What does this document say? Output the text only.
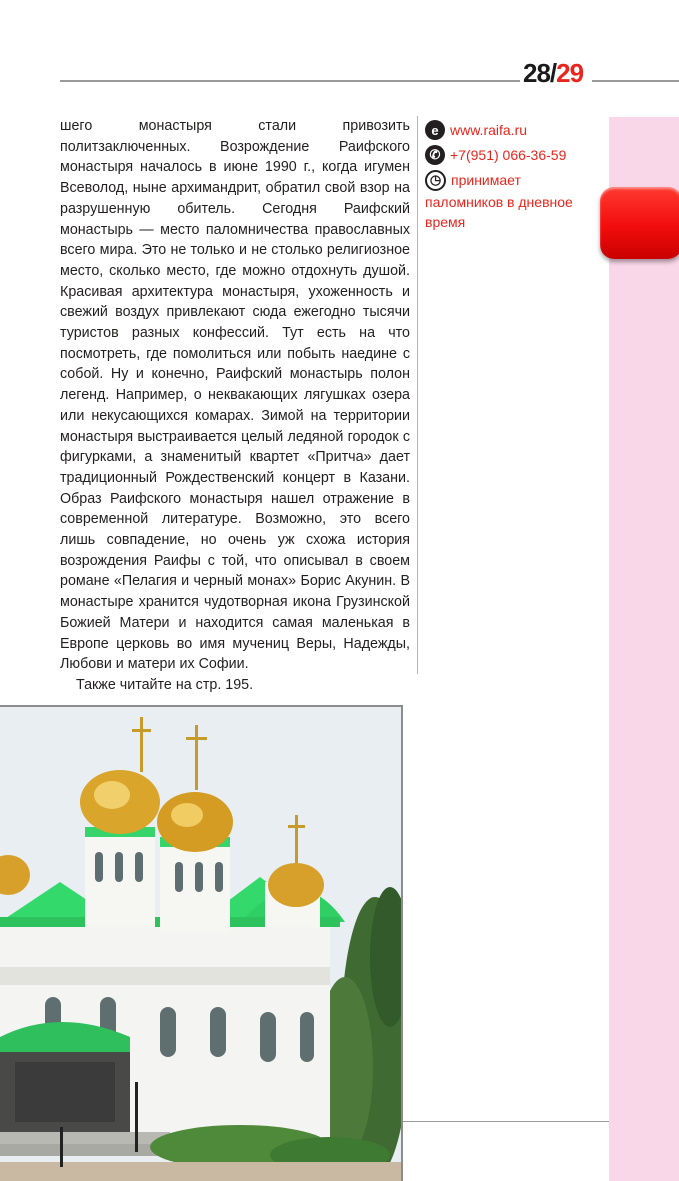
28/29

шего монастыря стали привозить политзаключенных. Возрождение Раифского монастыря началось в июне 1990 г., когда игумен Всеволод, ныне архимандрит, обратил свой взор на разрушенную обитель. Сегодня Раифский монастырь — место паломничества православных всего мира. Это не только и не столько религиозное место, сколько место, где можно отдохнуть душой. Красивая архитектура монастыря, ухоженность и свежий воздух привлекают сюда ежегодно тысячи туристов разных конфессий. Тут есть на что посмотреть, где помолиться или побыть наедине с собой. Ну и конечно, Раифский монастырь полон легенд. Например, о неквакающих лягушках озера или некусающихся комарах. Зимой на территории монастыря выстраивается целый ледяной городок с фигурками, а знаменитый квартет «Притча» дает традиционный Рождественский концерт в Казани. Образ Раифского монастыря нашел отражение в современной литературе. Возможно, это всего лишь совпадение, но очень уж схожа история возрождения Раифы с той, что описывал в своем романе «Пелагия и черный монах» Борис Акунин. В монастыре хранится чудотворная икона Грузинской Божией Матери и находится самая маленькая в Европе церковь во имя мучениц Веры, Надежды, Любови и матери их Софии.
Также читайте на стр. 195.

e www.raifa.ru
✆ +7(951) 066-36-59
◷ принимает
паломников в дневное
время
